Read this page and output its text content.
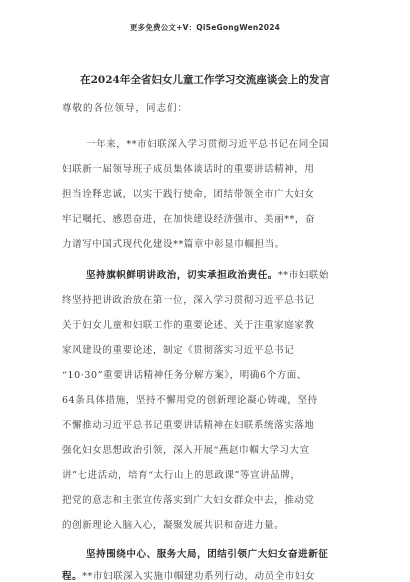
更多免费公文+V：QiSeGongWen2024
在2024年全省妇女儿童工作学习交流座谈会上的发言
尊敬的各位领导，同志们：
一年来，**市妇联深入学习贯彻习近平总书记在同全国
妇联新一届领导班子成员集体谈话时的重要讲话精神，用
担当诠释忠诚，以实干践行使命，团结带领全市广大妇女
牢记嘱托、感恩奋进，在加快建设经济强市、美丽**，奋
力谱写中国式现代化建设**篇章中彰显巾帼担当。
坚持旗帜鲜明讲政治，切实承担政治责任。**市妇联始
终坚持把讲政治放在第一位，深入学习贯彻习近平总书记
关于妇女儿童和妇联工作的重要论述、关于注重家庭家教
家风建设的重要论述，制定《贯彻落实习近平总书记
“10·30”重要讲话精神任务分解方案》，明确6个方面、
64条具体措施，坚持不懈用党的创新理论凝心铸魂，坚持
不懈推动习近平总书记重要讲话精神在妇联系统落实落地
强化妇女思想政治引领，深入开展“燕赵巾帼大学习大宣
讲”七进活动，培育“太行山上的思政课”等宣讲品牌，
把党的意志和主张宣传落实到广大妇女群众中去，推动党
的创新理论入脑入心，凝聚发展共识和奋进力量。
坚持围绕中心、服务大局，团结引领广大妇女奋进新征
程。**市妇联深入实施巾帼建功系列行动，动员全市妇女
